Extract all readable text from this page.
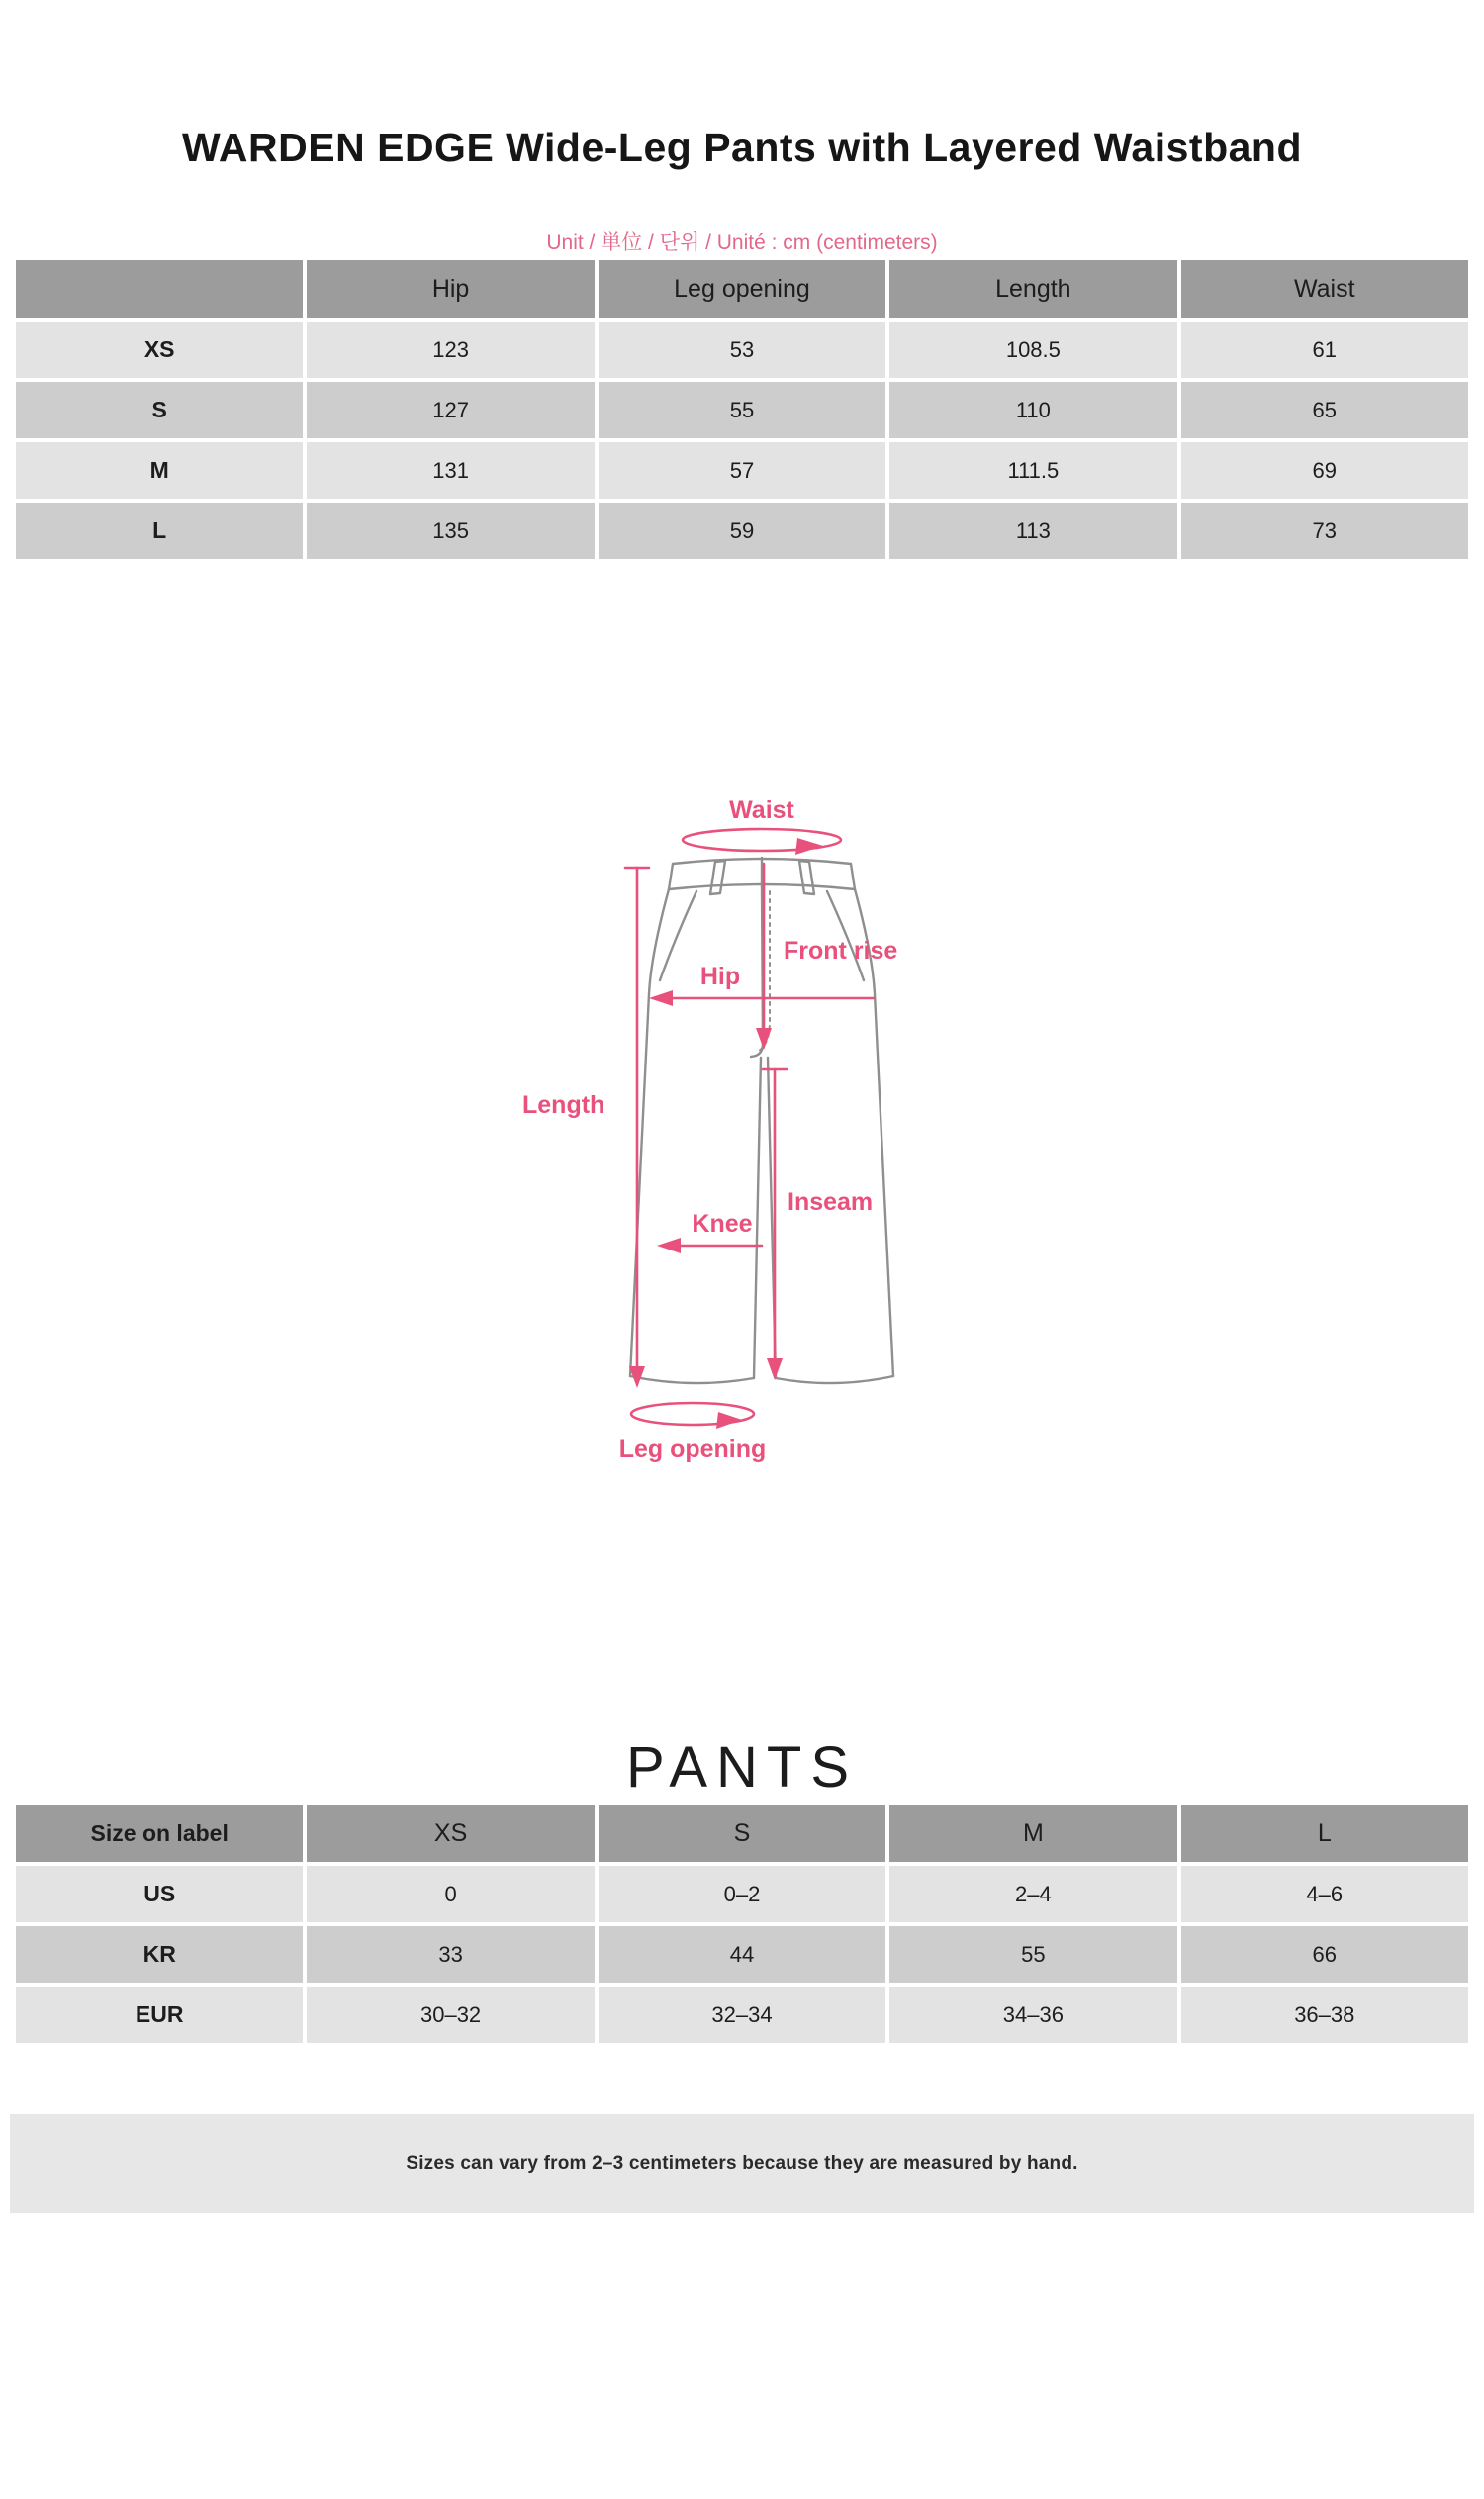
WARDEN EDGE Wide-Leg Pants with Layered Waistband
Unit / 単位 / 단위 / Unité : cm (centimeters)
	Hip	Leg opening	Length	Waist
XS	123	53	108.5	61
S	127	55	110	65
M	131	57	111.5	69
L	135	59	113	73
Waist
Front rise
Hip
Length
Inseam
Knee
Leg opening
PANTS
Size on label	XS	S	M	L
US	0	0–2	2–4	4–6
KR	33	44	55	66
EUR	30–32	32–34	34–36	36–38
Sizes can vary from 2–3 centimeters because they are measured by hand.
